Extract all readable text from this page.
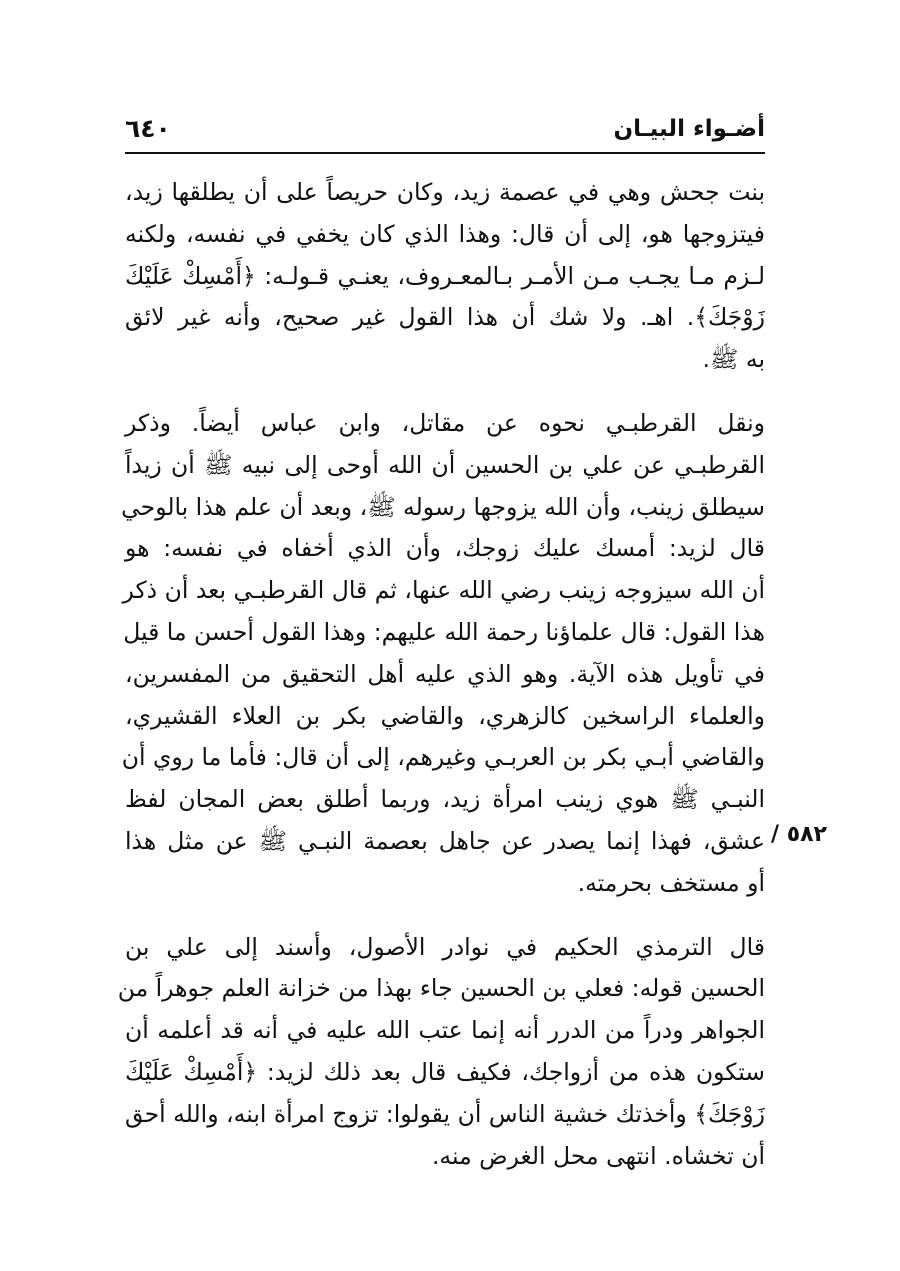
أضـواء البيـان
٦٤٠

بنت جحش وهي في عصمة زيد، وكان حريصاً على أن يطلقها زيد،
فيتزوجها هو، إلى أن قال: وهذا الذي كان يخفي في نفسه، ولكنه
لـزم مـا يجـب مـن الأمـر بـالمعـروف، يعنـي قـولـه: ﴿أَمْسِكْ عَلَيْكَ
زَوْجَكَ﴾. اهـ. ولا شك أن هذا القول غير صحيح، وأنه غير لائق
به ﷺ.

ونقل القرطبـي نحوه عن مقاتل، وابن عباس أيضاً. وذكر
القرطبـي عن علي بن الحسين أن الله أوحى إلى نبيه ﷺ أن زيداً
سيطلق زينب، وأن الله يزوجها رسوله ﷺ، وبعد أن علم هذا بالوحي
قال لزيد: أمسك عليك زوجك، وأن الذي أخفاه في نفسه: هو
أن الله سيزوجه زينب رضي الله عنها، ثم قال القرطبـي بعد أن ذكر
هذا القول: قال علماؤنا رحمة الله عليهم: وهذا القول أحسن ما قيل
في تأويل هذه الآية. وهو الذي عليه أهل التحقيق من المفسرين،
والعلماء الراسخين كالزهري، والقاضي بكر بن العلاء القشيري،
والقاضي أبـي بكر بن العربـي وغيرهم، إلى أن قال: فأما ما روي أن
النبـي ﷺ هوي زينب امرأة زيد، وربما أطلق بعض المجان لفظ
عشق، فهذا إنما يصدر عن جاهل بعصمة النبـي ﷺ عن مثل هذا
أو مستخف بحرمته.

قال الترمذي الحكيم في نوادر الأصول، وأسند إلى علي بن
الحسين قوله: فعلي بن الحسين جاء بهذا من خزانة العلم جوهراً من
الجواهر ودراً من الدرر أنه إنما عتب الله عليه في أنه قد أعلمه أن
ستكون هذه من أزواجك، فكيف قال بعد ذلك لزيد: ﴿أَمْسِكْ عَلَيْكَ
زَوْجَكَ﴾ وأخذتك خشية الناس أن يقولوا: تزوج امرأة ابنه، والله أحق
أن تخشاه. انتهى محل الغرض منه.

٥٨٢ /
